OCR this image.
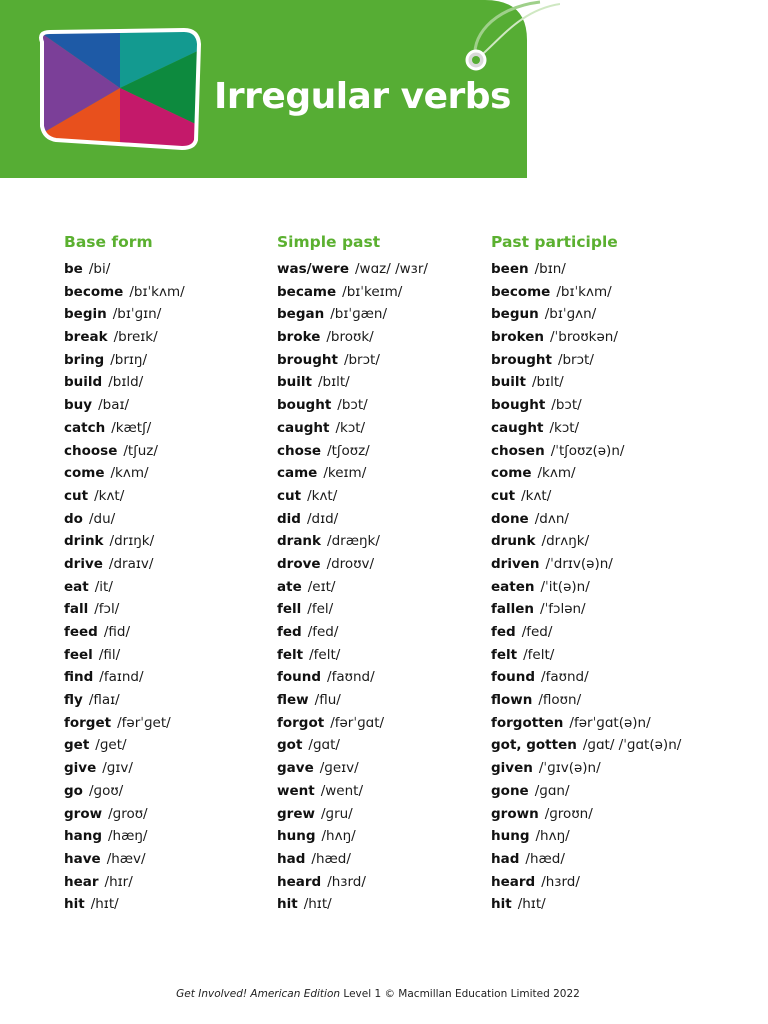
Irregular verbs
Base form
be /bi/
become /bɪˈkʌm/
begin /bɪˈɡɪn/
break /breɪk/
bring /brɪŋ/
build /bɪld/
buy /baɪ/
catch /kætʃ/
choose /tʃuz/
come /kʌm/
cut /kʌt/
do /du/
drink /drɪŋk/
drive /draɪv/
eat /it/
fall /fɔl/
feed /fid/
feel /fil/
find /faɪnd/
fly /flaɪ/
forget /fərˈɡet/
get /ɡet/
give /ɡɪv/
go /ɡoʊ/
grow /ɡroʊ/
hang /hæŋ/
have /hæv/
hear /hɪr/
hit /hɪt/
Simple past
was/were /wɑz/ /wɜr/
became /bɪˈkeɪm/
began /bɪˈɡæn/
broke /broʊk/
brought /brɔt/
built /bɪlt/
bought /bɔt/
caught /kɔt/
chose /tʃoʊz/
came /keɪm/
cut /kʌt/
did /dɪd/
drank /dræŋk/
drove /droʊv/
ate /eɪt/
fell /fel/
fed /fed/
felt /felt/
found /faʊnd/
flew /flu/
forgot /fərˈɡɑt/
got /ɡɑt/
gave /ɡeɪv/
went /went/
grew /ɡru/
hung /hʌŋ/
had /hæd/
heard /hɜrd/
hit /hɪt/
Past participle
been /bɪn/
become /bɪˈkʌm/
begun /bɪˈɡʌn/
broken /ˈbroʊkən/
brought /brɔt/
built /bɪlt/
bought /bɔt/
caught /kɔt/
chosen /ˈtʃoʊz(ə)n/
come /kʌm/
cut /kʌt/
done /dʌn/
drunk /drʌŋk/
driven /ˈdrɪv(ə)n/
eaten /ˈit(ə)n/
fallen /ˈfɔlən/
fed /fed/
felt /felt/
found /faʊnd/
flown /floʊn/
forgotten /fərˈɡɑt(ə)n/
got, gotten /ɡɑt/ /ˈɡɑt(ə)n/
given /ˈɡɪv(ə)n/
gone /ɡɑn/
grown /ɡroʊn/
hung /hʌŋ/
had /hæd/
heard /hɜrd/
hit /hɪt/
Get Involved! American Edition Level 1 © Macmillan Education Limited 2022
